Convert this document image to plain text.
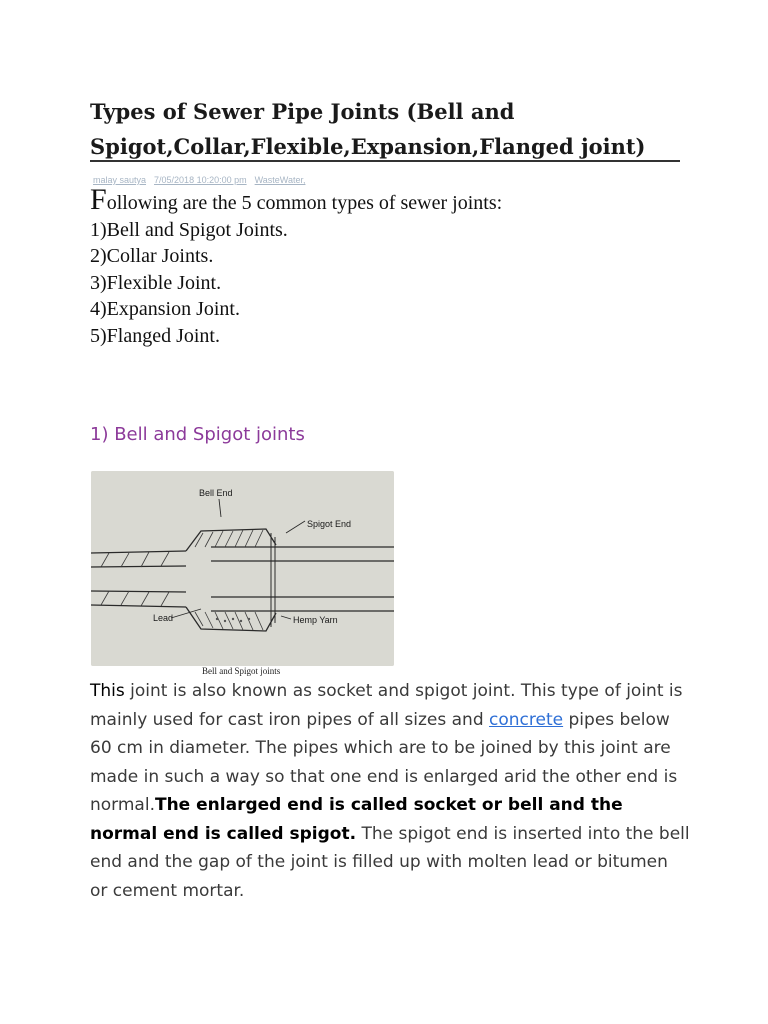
Types of Sewer Pipe Joints (Bell and Spigot,Collar,Flexible,Expansion,Flanged joint)
malay sautya 7/05/2018 10:20:00 pm WasteWater,
Following are the 5 common types of sewer joints:
1)Bell and Spigot Joints.
2)Collar Joints.
3)Flexible Joint.
4)Expansion Joint.
5)Flanged Joint.
1) Bell and Spigot joints
Bell End
Spigot End
Lead	Hemp Yarn
Bell and Spigot joints

This joint is also known as socket and spigot joint. This type of joint is mainly used for cast iron pipes of all sizes and concrete pipes below 60 cm in diameter. The pipes which are to be joined by this joint are made in such a way so that one end is enlarged arid the other end is normal.The enlarged end is called socket or bell and the normal end is called spigot. The spigot end is inserted into the bell end and the gap of the joint is filled up with molten lead or bitumen or cement mortar.
